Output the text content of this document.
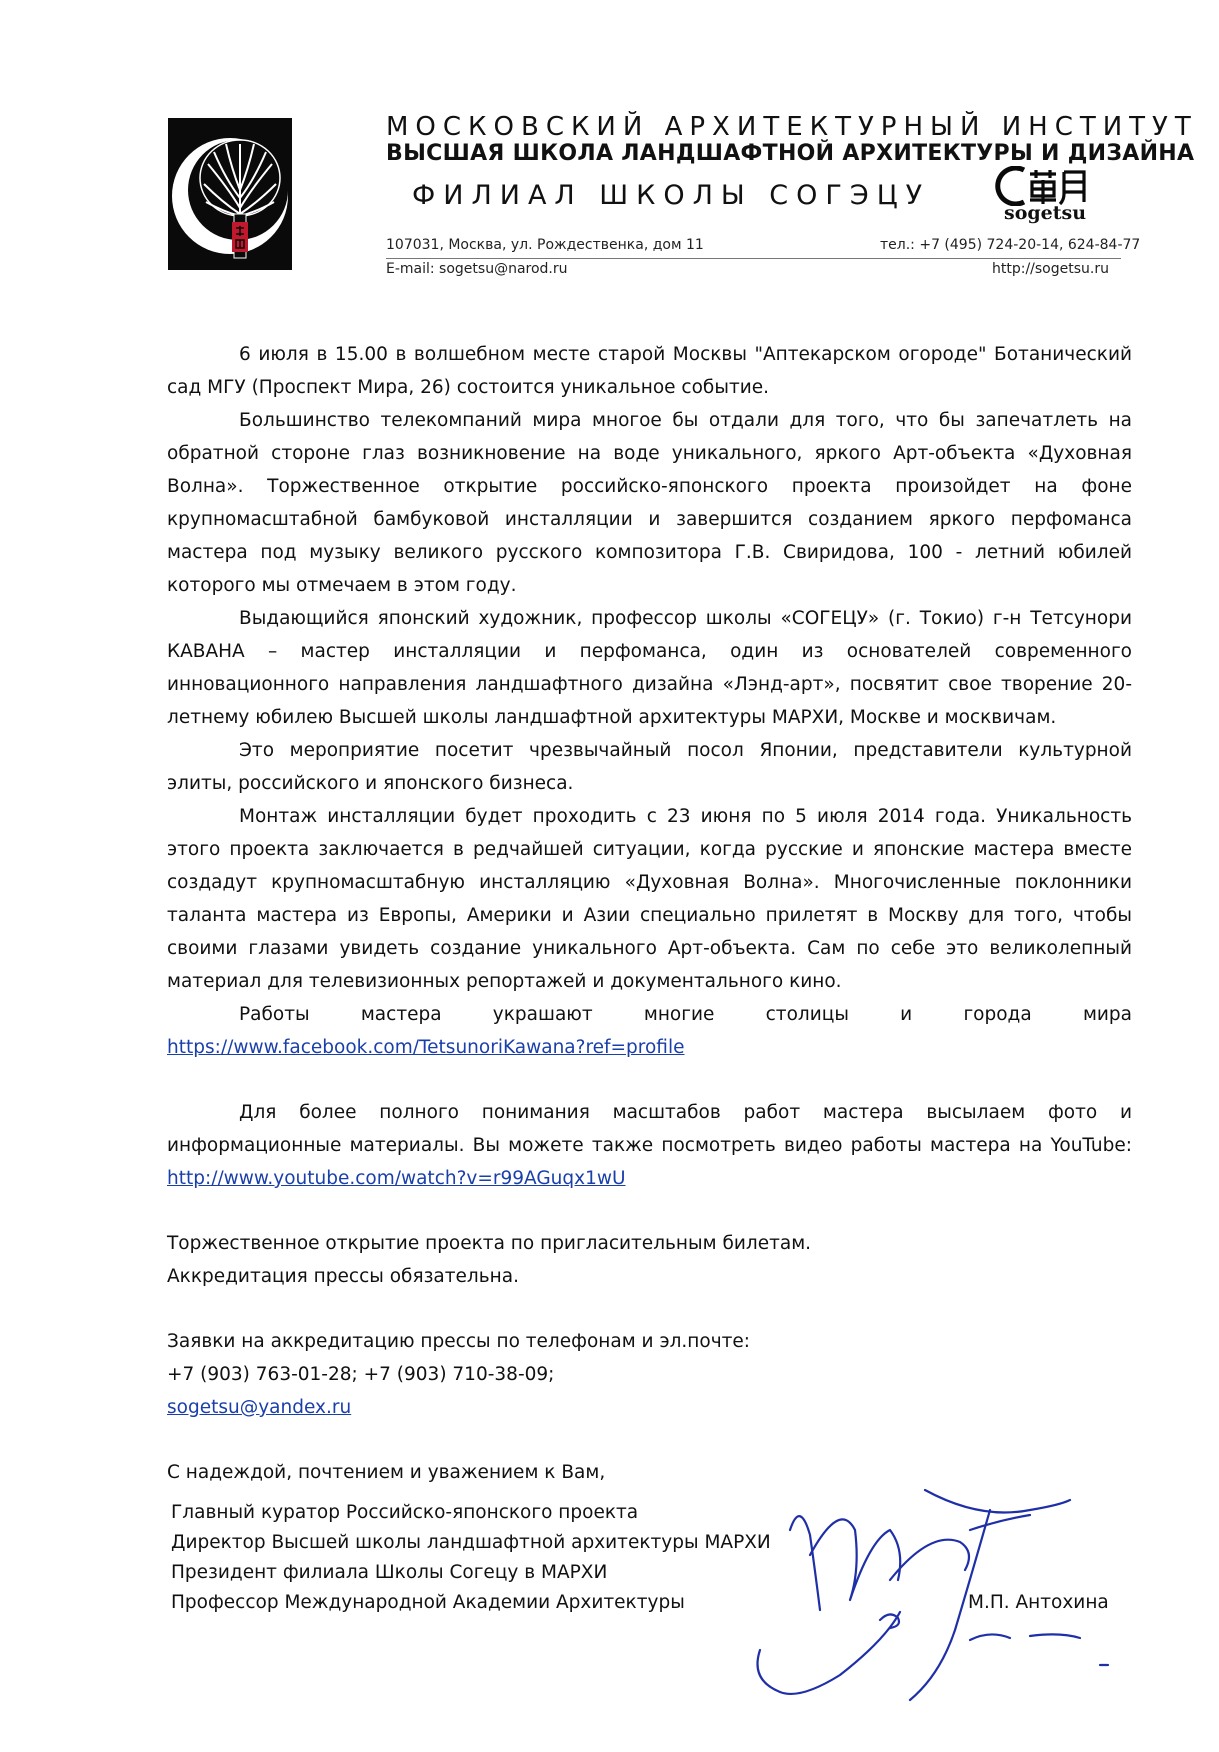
МОСКОВСКИЙ АРХИТЕКТУРНЫЙ ИНСТИТУТ
ВЫСШАЯ ШКОЛА ЛАНДШАФТНОЙ АРХИТЕКТУРЫ И ДИЗАЙНА
ФИЛИАЛ ШКОЛЫ СОГЭЦУ
sogetsu
107031, Москва, ул. Рождественка, дом 11	тел.: +7 (495) 724-20-14, 624-84-77
E-mail: sogetsu@narod.ru	http://sogetsu.ru

6 июля в 15.00 в волшебном месте старой Москвы "Аптекарском огороде" Ботанический сад МГУ (Проспект Мира, 26) состоится уникальное событие.

Большинство телекомпаний мира многое бы отдали для того, что бы запечатлеть на обратной стороне глаз возникновение на воде уникального, яркого Арт-объекта «Духовная Волна». Торжественное открытие российско-японского проекта произойдет на фоне крупномасштабной бамбуковой инсталляции и завершится созданием яркого перфоманса мастера под музыку великого русского композитора Г.В. Свиридова, 100 - летний юбилей которого мы отмечаем в этом году.

Выдающийся японский художник, профессор школы «СОГЕЦУ» (г. Токио) г-н Тетсунори КАВАНА – мастер инсталляции и перфоманса, один из основателей современного инновационного направления ландшафтного дизайна «Лэнд-арт», посвятит свое творение 20-летнему юбилею Высшей школы ландшафтной архитектуры МАРХИ, Москве и москвичам.

Это мероприятие посетит чрезвычайный посол Японии, представители культурной элиты, российского и японского бизнеса.

Монтаж инсталляции будет проходить с 23 июня по 5 июля 2014 года. Уникальность этого проекта заключается в редчайшей ситуации, когда русские и японские мастера вместе создадут крупномасштабную инсталляцию «Духовная Волна». Многочисленные поклонники таланта мастера из Европы, Америки и Азии специально прилетят в Москву для того, чтобы своими глазами увидеть создание уникального Арт-объекта. Сам по себе это великолепный материал для телевизионных репортажей и документального кино.

Работы мастера украшают многие столицы и города мира https://www.facebook.com/TetsunoriKawana?ref=profile

Для более полного понимания масштабов работ мастера высылаем фото и информационные материалы. Вы можете также посмотреть видео работы мастера на YouTube: http://www.youtube.com/watch?v=r99AGuqx1wU

Торжественное открытие проекта по пригласительным билетам.

Аккредитация прессы обязательна.

Заявки на аккредитацию прессы по телефонам и эл.почте:

+7 (903) 763-01-28; +7 (903) 710-38-09;

sogetsu@yandex.ru

С надеждой, почтением и уважением к Вам,

Главный куратор Российско-японского проекта
Директор Высшей школы ландшафтной архитектуры МАРХИ
Президент филиала Школы Согецу в МАРХИ
Профессор Международной Академии Архитектуры	М.П. Антохина
